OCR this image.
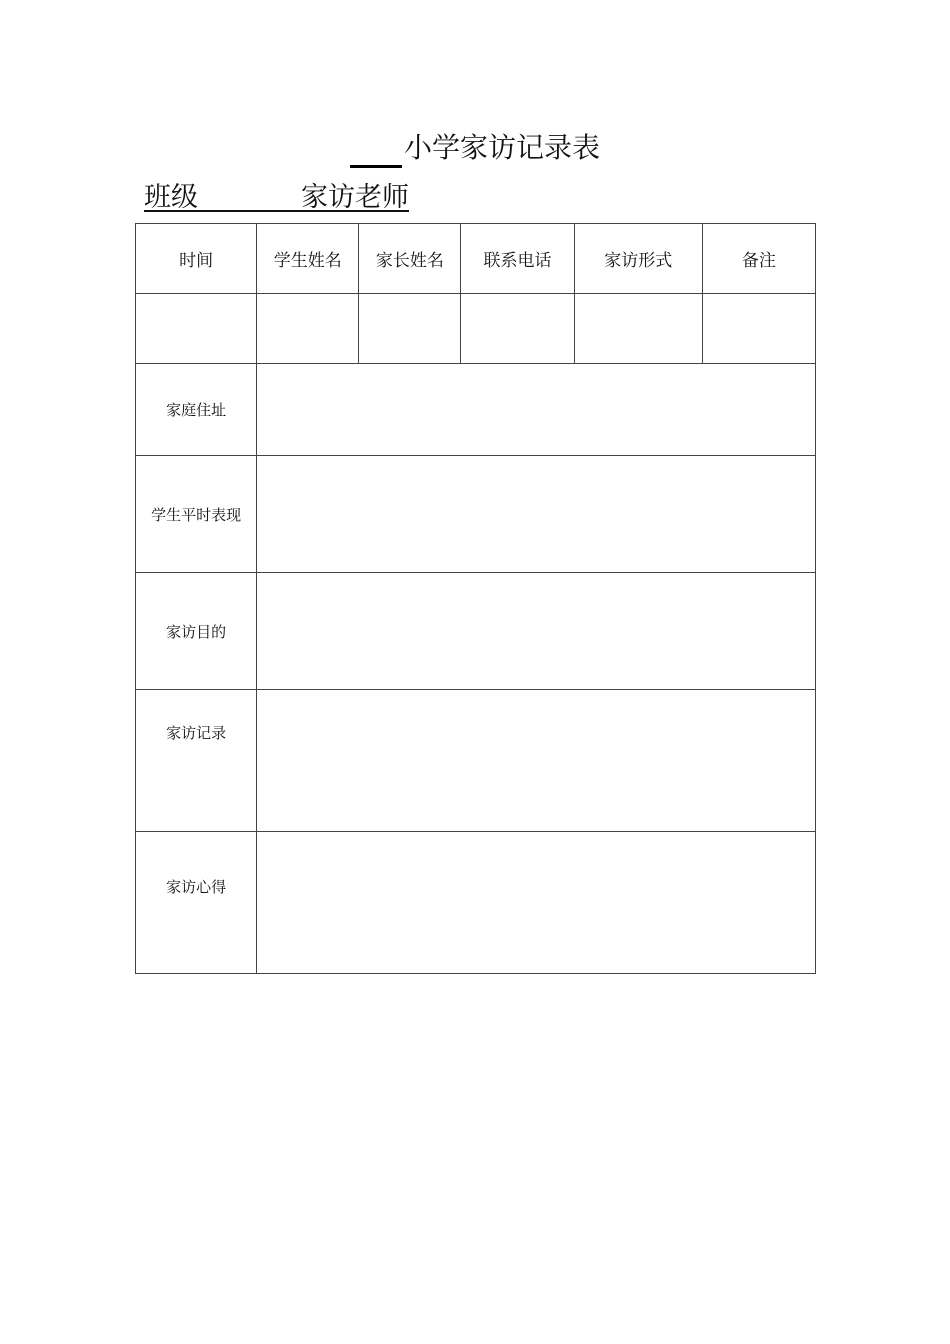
小学家访记录表
班级	家访老师
时间	学生姓名	家长姓名	联系电话	家访形式	备注

家庭住址					
学生平时表现					
家访目的					
家访记录					
家访心得					
